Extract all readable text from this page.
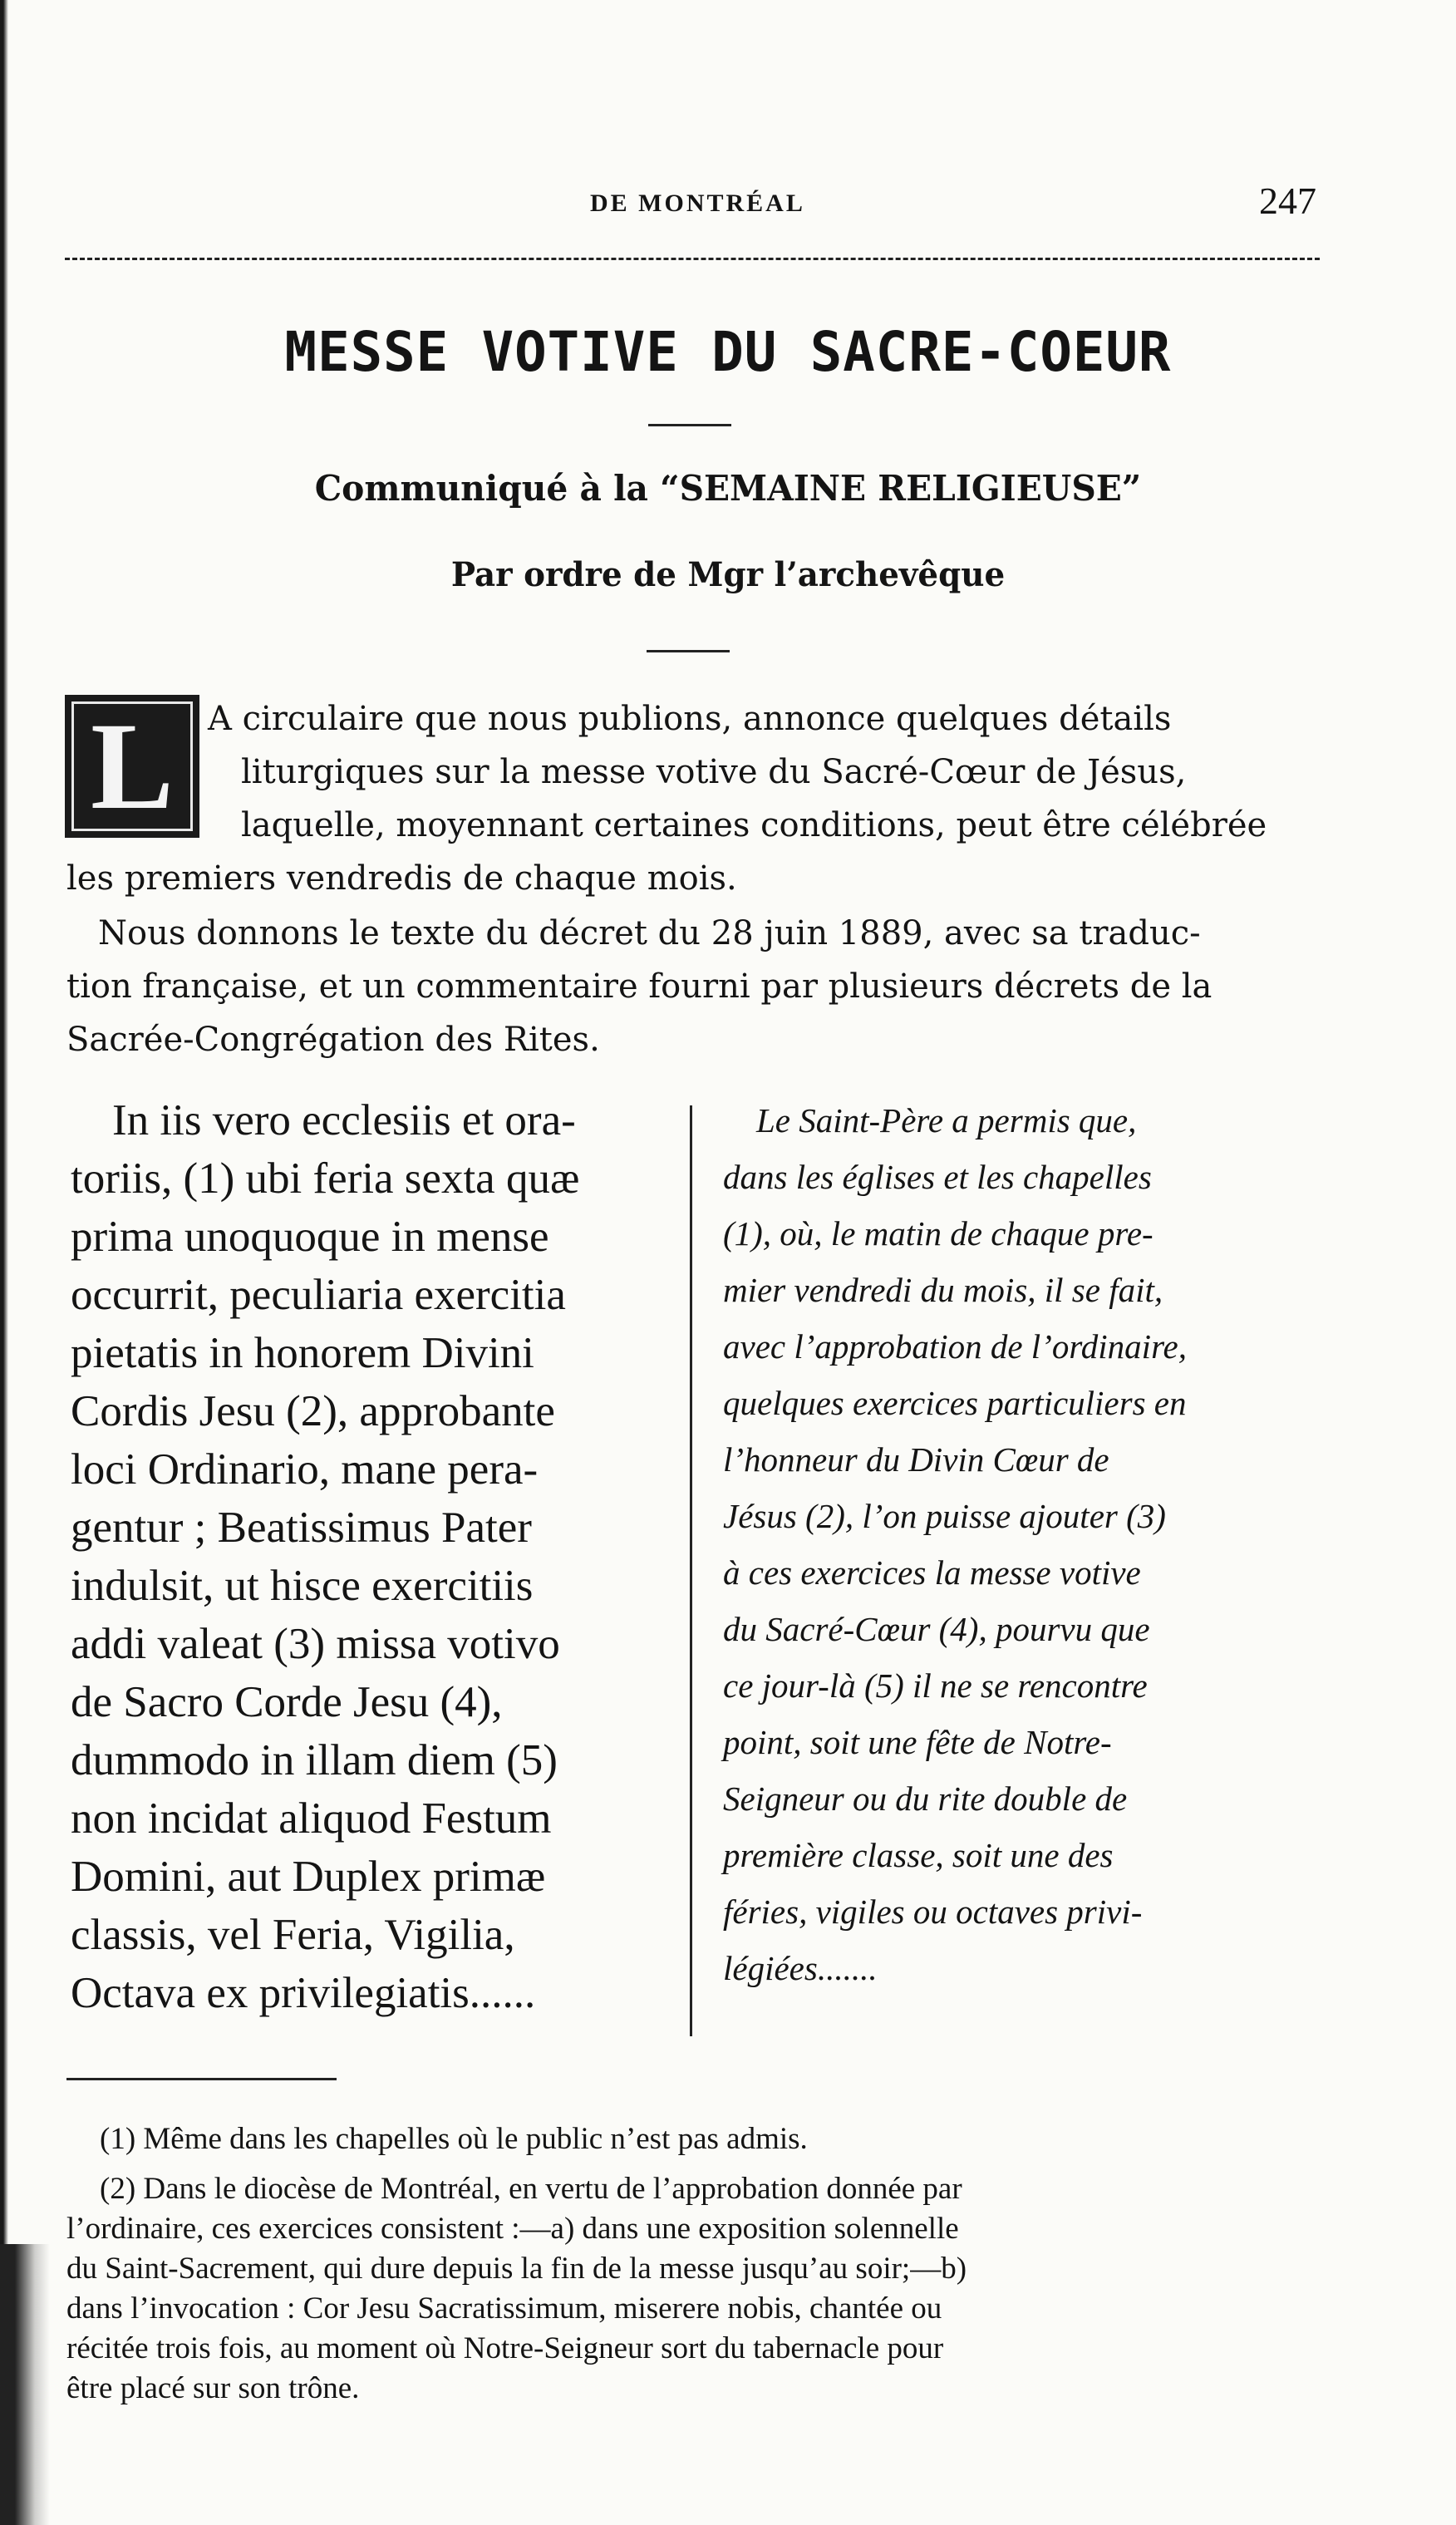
DE MONTRÉAL	247
MESSE VOTIVE DU SACRE-COEUR
Communiqué à la “SEMAINE RELIGIEUSE”
Par ordre de Mgr l’archevêque
L	A circulaire que nous publions, annonce quelques détails
liturgiques sur la messe votive du Sacré-Cœur de Jésus,
laquelle, moyennant certaines conditions, peut être célébrée
les premiers vendredis de chaque mois.
Nous donnons le texte du décret du 28 juin 1889, avec sa traduc-
tion française, et un commentaire fourni par plusieurs décrets de la
Sacrée-Congrégation des Rites.
In iis vero ecclesiis et ora-
toriis, (1) ubi feria sexta quæ
prima unoquoque in mense
occurrit, peculiaria exercitia
pietatis in honorem Divini
Cordis Jesu (2), approbante
loci Ordinario, mane pera-
gentur ; Beatissimus Pater
indulsit, ut hisce exercitiis
addi valeat (3) missa votivo
de Sacro Corde Jesu (4),
dummodo in illam diem (5)
non incidat aliquod Festum
Domini, aut Duplex primæ
classis, vel Feria, Vigilia,
Octava ex privilegiatis......
Le Saint-Père a permis que,
dans les églises et les chapelles
(1), où, le matin de chaque pre-
mier vendredi du mois, il se fait,
avec l’approbation de l’ordinaire,
quelques exercices particuliers en
l’honneur du Divin Cœur de
Jésus (2), l’on puisse ajouter (3)
à ces exercices la messe votive
du Sacré-Cœur (4), pourvu que
ce jour-là (5) il ne se rencontre
point, soit une fête de Notre-
Seigneur ou du rite double de
première classe, soit une des
féries, vigiles ou octaves privi-
légiées.......
(1) Même dans les chapelles où le public n’est pas admis.
(2) Dans le diocèse de Montréal, en vertu de l’approbation donnée par
l’ordinaire, ces exercices consistent :—a) dans une exposition solennelle
du Saint-Sacrement, qui dure depuis la fin de la messe jusqu’au soir;—b)
dans l’invocation : Cor Jesu Sacratissimum, miserere nobis, chantée ou
récitée trois fois, au moment où Notre-Seigneur sort du tabernacle pour
être placé sur son trône.
